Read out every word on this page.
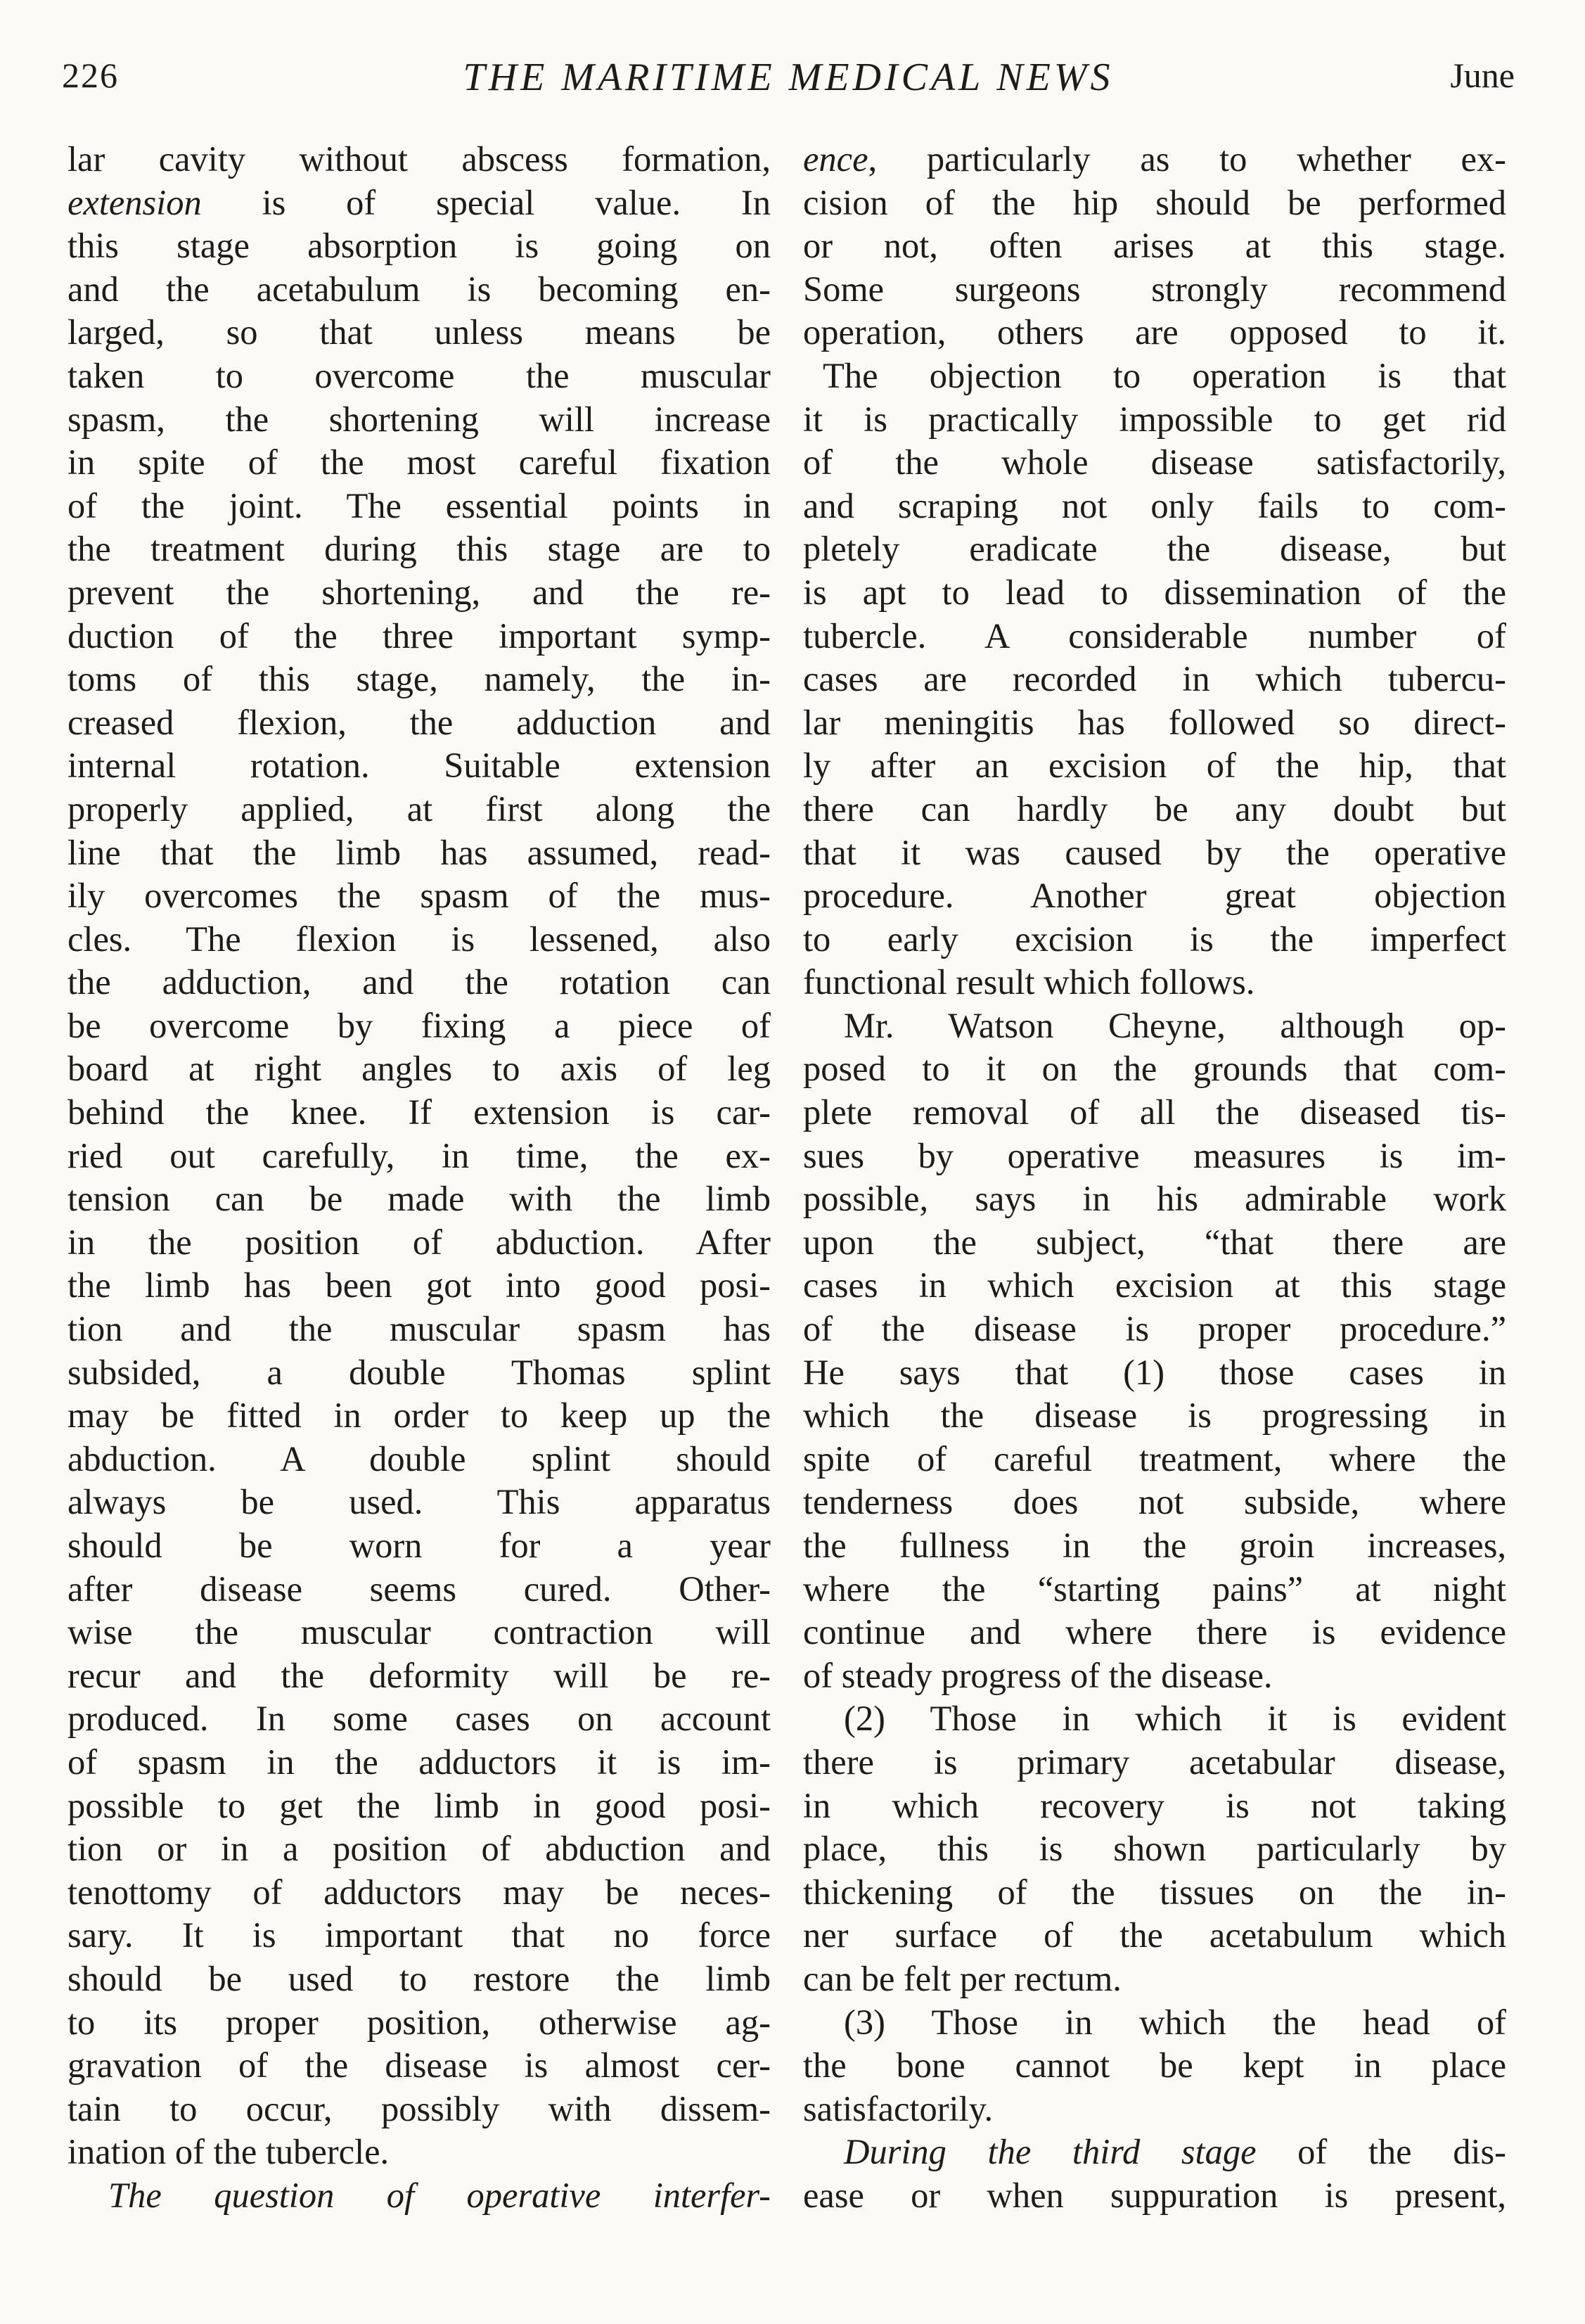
226	THE MARITIME MEDICAL NEWS	June
lar cavity without abscess formation,
extension is of special value. In
this stage absorption is going on
and the acetabulum is becoming en-
larged, so that unless means be
taken to overcome the muscular
spasm, the shortening will increase
in spite of the most careful fixation
of the joint. The essential points in
the treatment during this stage are to
prevent the shortening, and the re-
duction of the three important symp-
toms of this stage, namely, the in-
creased flexion, the adduction and
internal rotation. Suitable extension
properly applied, at first along the
line that the limb has assumed, read-
ily overcomes the spasm of the mus-
cles. The flexion is lessened, also
the adduction, and the rotation can
be overcome by fixing a piece of
board at right angles to axis of leg
behind the knee. If extension is car-
ried out carefully, in time, the ex-
tension can be made with the limb
in the position of abduction. After
the limb has been got into good posi-
tion and the muscular spasm has
subsided, a double Thomas splint
may be fitted in order to keep up the
abduction. A double splint should
always be used. This apparatus
should be worn for a year
after disease seems cured. Other-
wise the muscular contraction will
recur and the deformity will be re-
produced. In some cases on account
of spasm in the adductors it is im-
possible to get the limb in good posi-
tion or in a position of abduction and
tenottomy of adductors may be neces-
sary. It is important that no force
should be used to restore the limb
to its proper position, otherwise ag-
gravation of the disease is almost cer-
tain to occur, possibly with dissem-
ination of the tubercle.
The question of operative interfer-
ence, particularly as to whether ex-
cision of the hip should be performed
or not, often arises at this stage.
Some surgeons strongly recommend
operation, others are opposed to it.
The objection to operation is that
it is practically impossible to get rid
of the whole disease satisfactorily,
and scraping not only fails to com-
pletely eradicate the disease, but
is apt to lead to dissemination of the
tubercle. A considerable number of
cases are recorded in which tubercu-
lar meningitis has followed so direct-
ly after an excision of the hip, that
there can hardly be any doubt but
that it was caused by the operative
procedure. Another great objection
to early excision is the imperfect
functional result which follows.
Mr. Watson Cheyne, although op-
posed to it on the grounds that com-
plete removal of all the diseased tis-
sues by operative measures is im-
possible, says in his admirable work
upon the subject, “that there are
cases in which excision at this stage
of the disease is proper procedure.”
He says that (1) those cases in
which the disease is progressing in
spite of careful treatment, where the
tenderness does not subside, where
the fullness in the groin increases,
where the “starting pains” at night
continue and where there is evidence
of steady progress of the disease.
(2) Those in which it is evident
there is primary acetabular disease,
in which recovery is not taking
place, this is shown particularly by
thickening of the tissues on the in-
ner surface of the acetabulum which
can be felt per rectum.
(3) Those in which the head of
the bone cannot be kept in place
satisfactorily.
During the third stage of the dis-
ease or when suppuration is present,
